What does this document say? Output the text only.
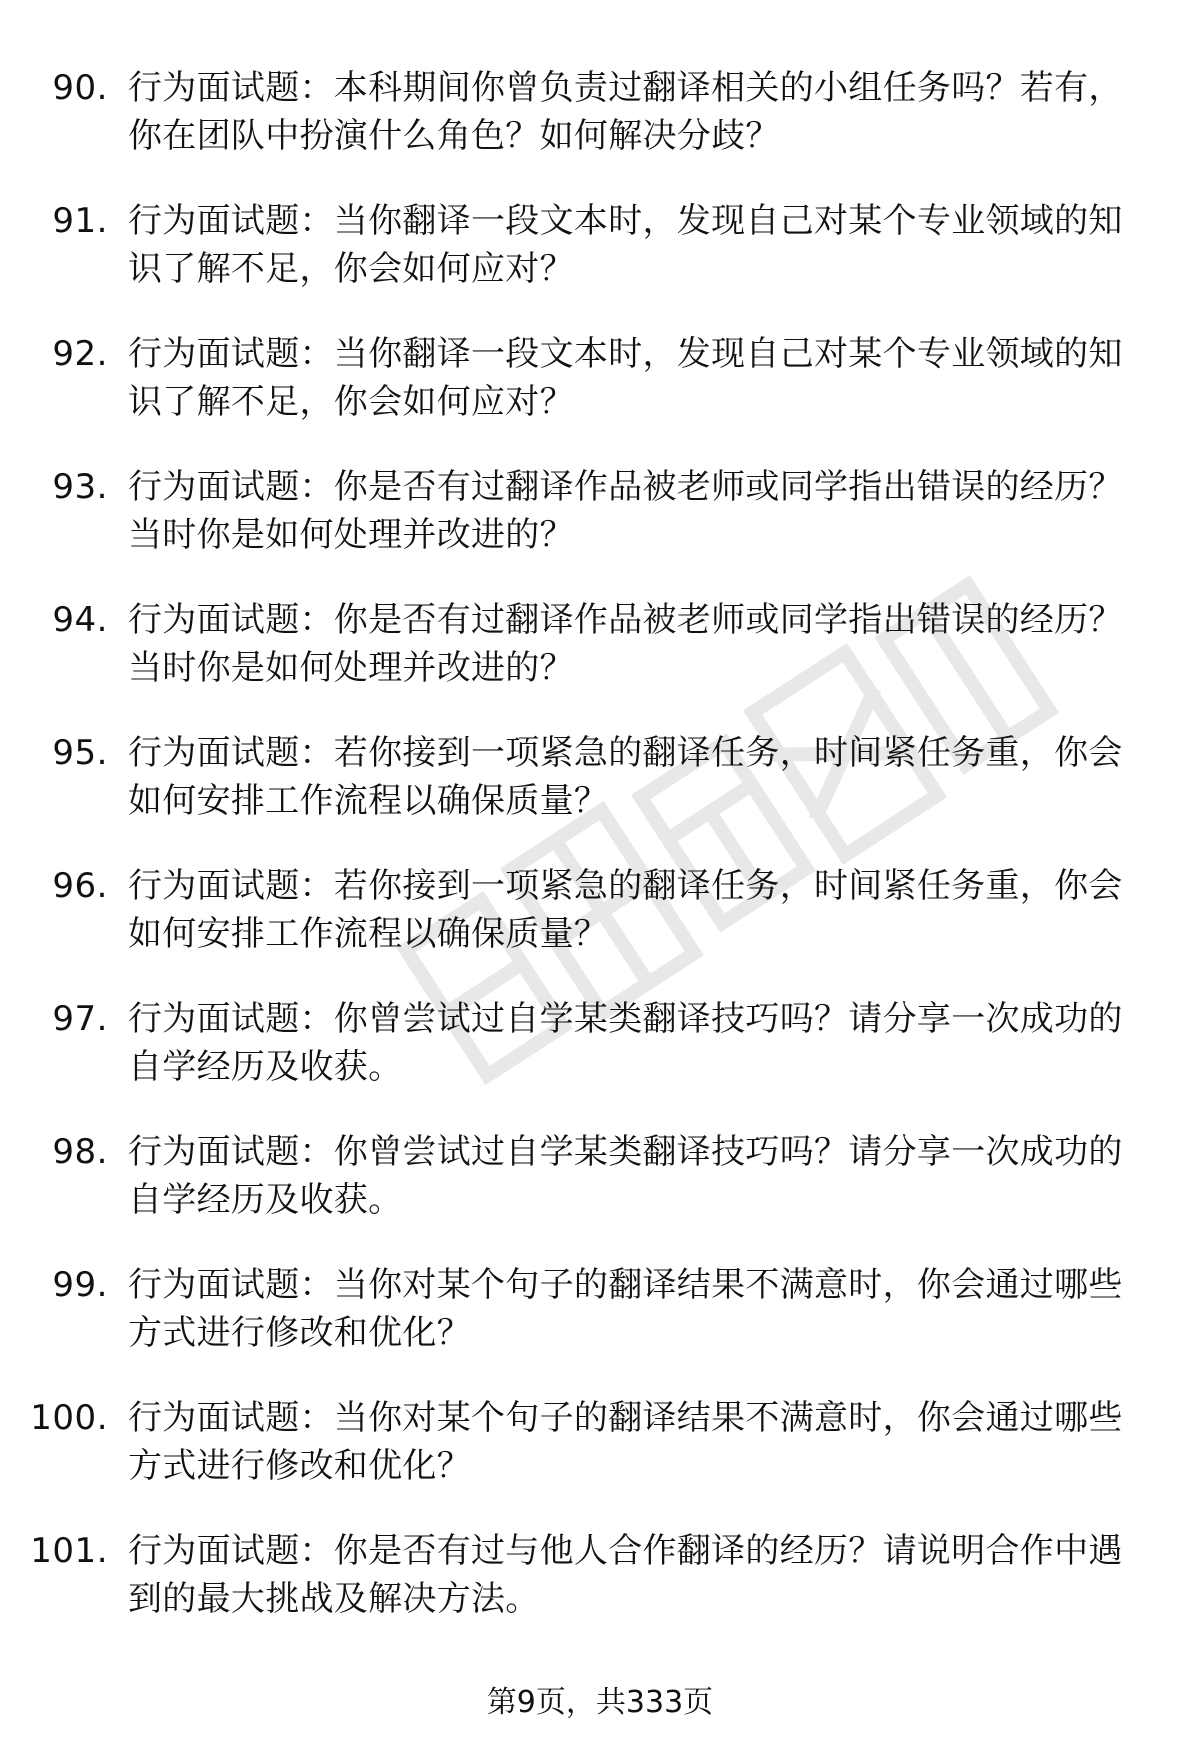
90. 行为面试题：本科期间你曾负责过翻译相关的小组任务吗？若有，你在团队中扮演什么角色？如何解决分歧？
91. 行为面试题：当你翻译一段文本时，发现自己对某个专业领域的知识了解不足，你会如何应对？
92. 行为面试题：当你翻译一段文本时，发现自己对某个专业领域的知识了解不足，你会如何应对？
93. 行为面试题：你是否有过翻译作品被老师或同学指出错误的经历？当时你是如何处理并改进的？
94. 行为面试题：你是否有过翻译作品被老师或同学指出错误的经历？当时你是如何处理并改进的？
95. 行为面试题：若你接到一项紧急的翻译任务，时间紧任务重，你会如何安排工作流程以确保质量？
96. 行为面试题：若你接到一项紧急的翻译任务，时间紧任务重，你会如何安排工作流程以确保质量？
97. 行为面试题：你曾尝试过自学某类翻译技巧吗？请分享一次成功的自学经历及收获。
98. 行为面试题：你曾尝试过自学某类翻译技巧吗？请分享一次成功的自学经历及收获。
99. 行为面试题：当你对某个句子的翻译结果不满意时，你会通过哪些方式进行修改和优化？
100. 行为面试题：当你对某个句子的翻译结果不满意时，你会通过哪些方式进行修改和优化？
101. 行为面试题：你是否有过与他人合作翻译的经历？请说明合作中遇到的最大挑战及解决方法。
第9页，共333页
